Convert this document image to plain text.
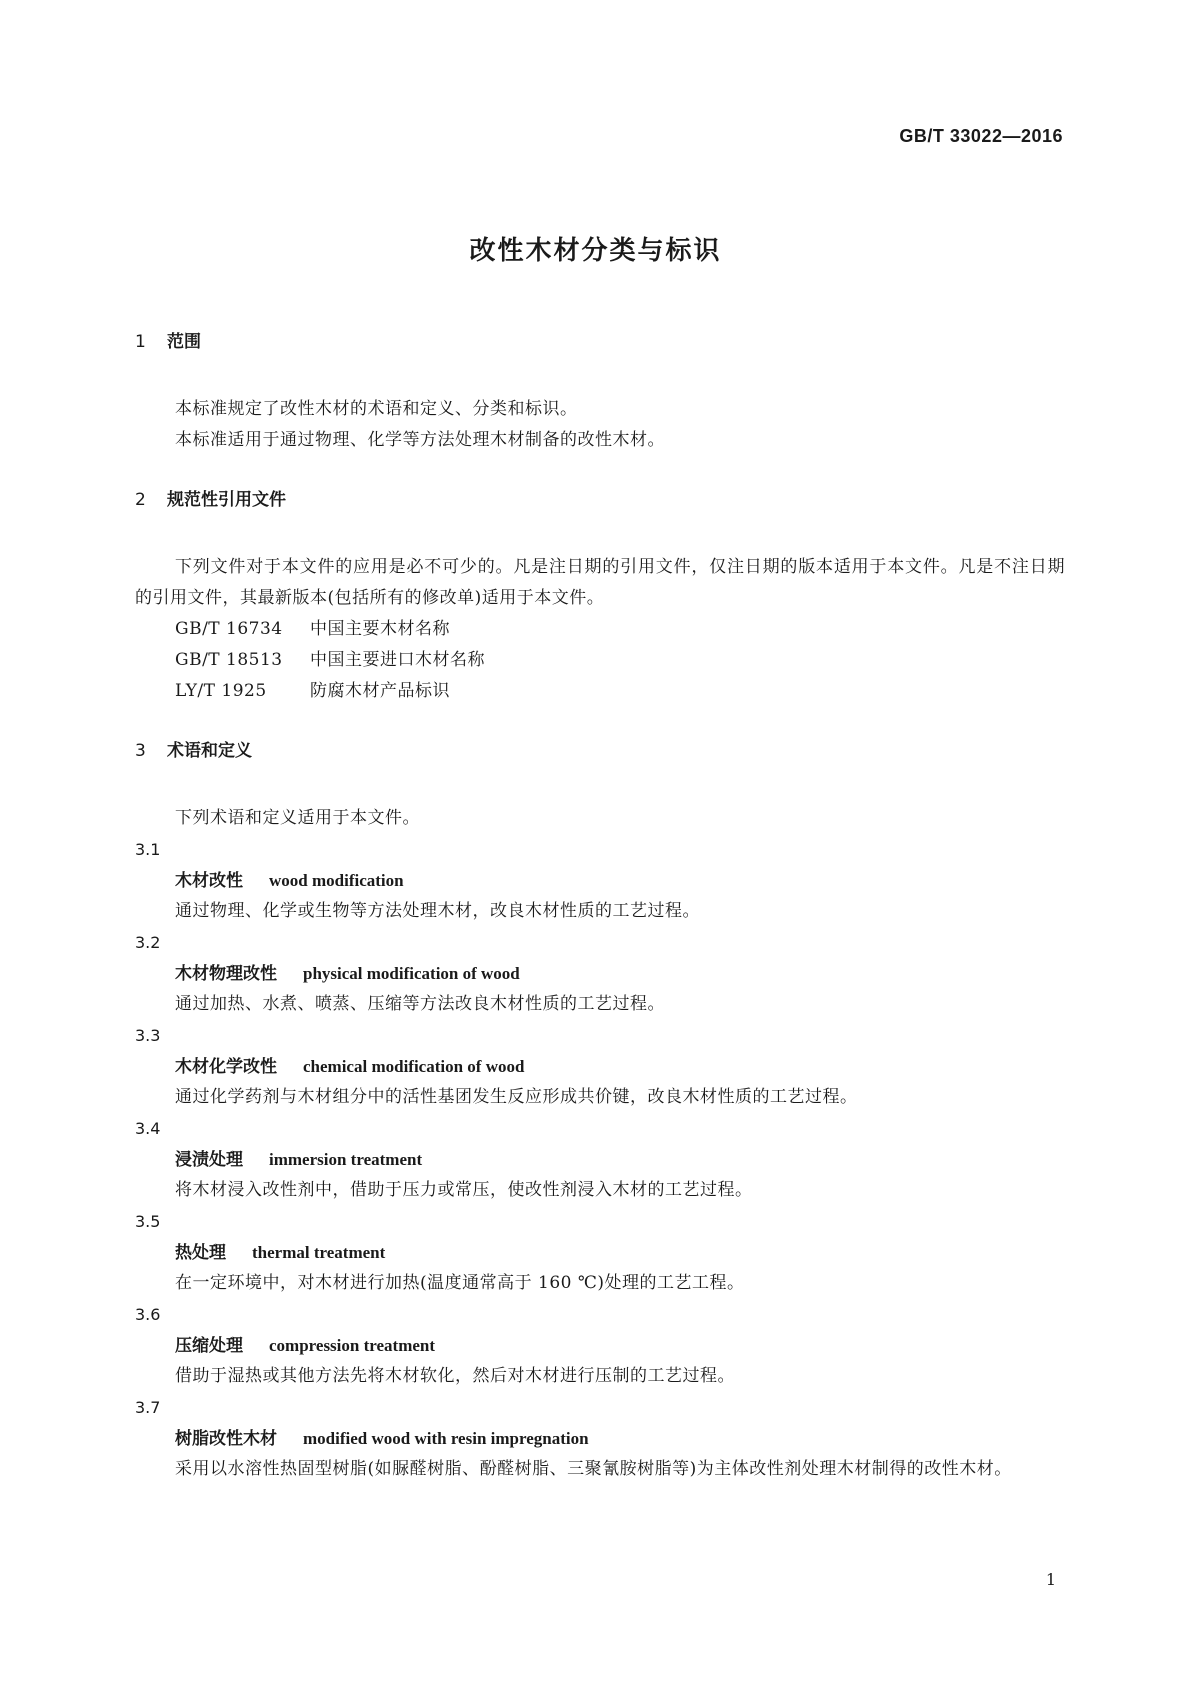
GB/T 33022—2016
改性木材分类与标识
1 范围
本标准规定了改性木材的术语和定义、分类和标识。
本标准适用于通过物理、化学等方法处理木材制备的改性木材。
2 规范性引用文件
下列文件对于本文件的应用是必不可少的。凡是注日期的引用文件，仅注日期的版本适用于本文件。凡是不注日期的引用文件，其最新版本(包括所有的修改单)适用于本文件。
GB/T 16734 中国主要木材名称
GB/T 18513 中国主要进口木材名称
LY/T 1925	防腐木材产品标识
3 术语和定义
下列术语和定义适用于本文件。
3.1
木材改性 wood modification
通过物理、化学或生物等方法处理木材，改良木材性质的工艺过程。
3.2
木材物理改性 physical modification of wood
通过加热、水煮、喷蒸、压缩等方法改良木材性质的工艺过程。
3.3
木材化学改性 chemical modification of wood
通过化学药剂与木材组分中的活性基团发生反应形成共价键，改良木材性质的工艺过程。
3.4
浸渍处理 immersion treatment
将木材浸入改性剂中，借助于压力或常压，使改性剂浸入木材的工艺过程。
3.5
热处理 thermal treatment
在一定环境中，对木材进行加热(温度通常高于 160 ℃)处理的工艺工程。
3.6
压缩处理 compression treatment
借助于湿热或其他方法先将木材软化，然后对木材进行压制的工艺过程。
3.7
树脂改性木材 modified wood with resin impregnation
采用以水溶性热固型树脂(如脲醛树脂、酚醛树脂、三聚氰胺树脂等)为主体改性剂处理木材制得的改性木材。
1
